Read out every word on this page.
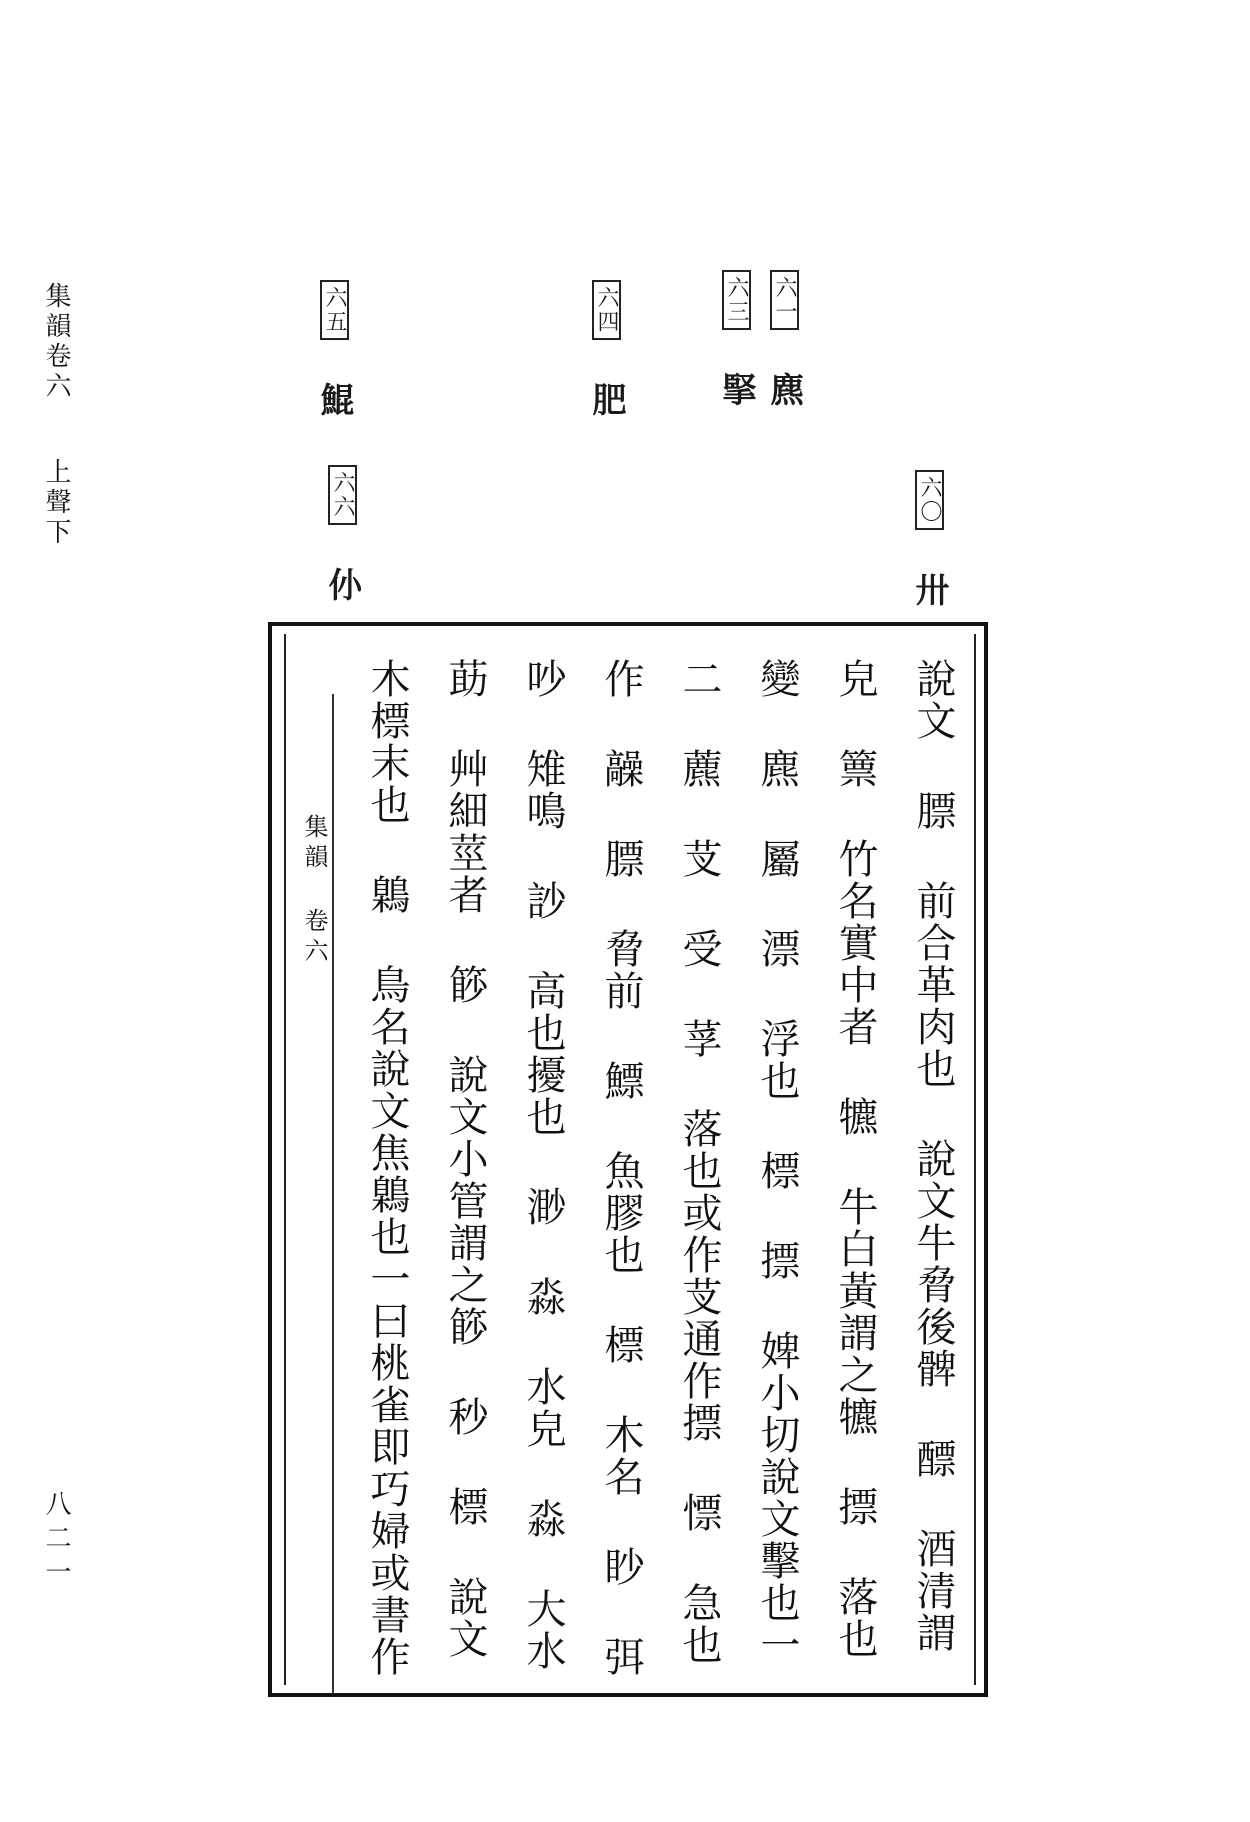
集韻卷六 上聲下
八二一
六〇 卅
六一 麃
六三 掔
六四 肥
六五 鯤
六六 仦
集韻 卷六
說文 膘 前合革肉也 說文牛脅後髀 醥 酒清謂
皃 篻 竹名實中者 犥 牛白黃謂之犥 摽 落也
變 麃 屬 漂 浮也 標 摽 婢小切說文擊也一
二 藨 芆 受 莩 落也或作芆通作摽 慓 急也
作 髞 膘 脅前 鰾 魚膠也 標 木名 眇 弭
吵 雉鳴 訬 高也擾也 渺 淼 水皃 淼 大水
莇 艸細莖者 篎 說文小管謂之篎 秒 標 說文
木標末也 鷍 鳥名說文焦鷍也一曰桃雀即巧婦或書作
